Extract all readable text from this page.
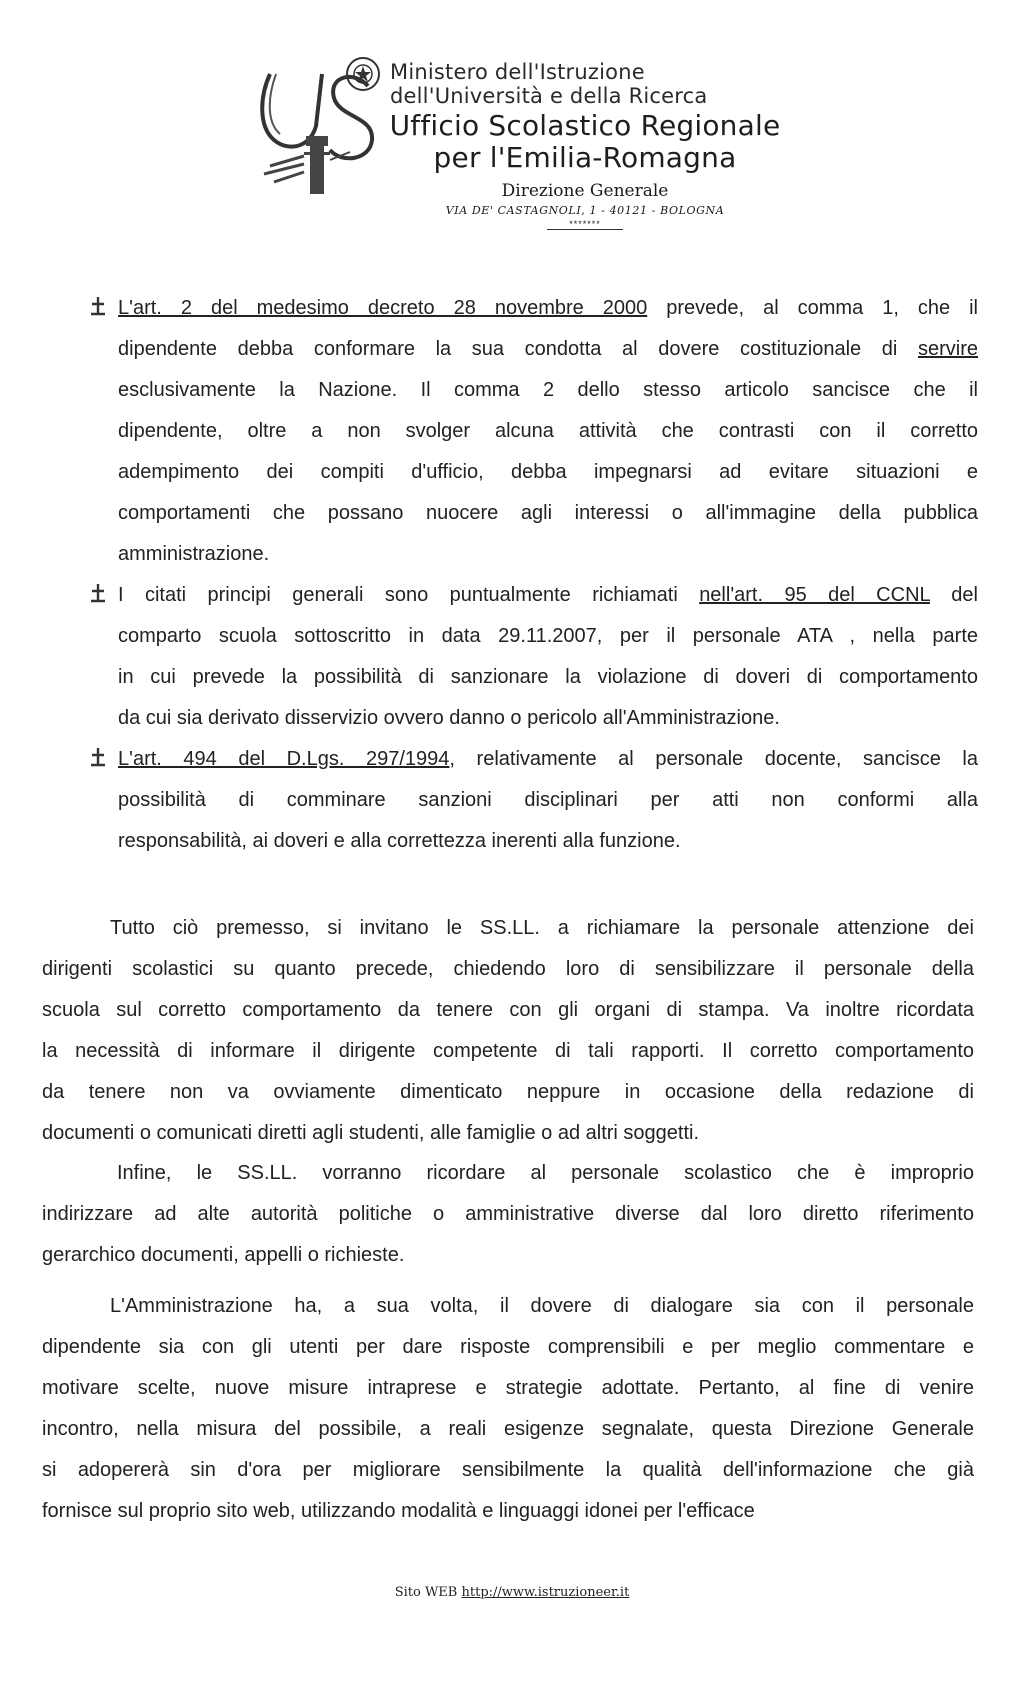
Ministero dell'Istruzione
dell'Università e della Ricerca
Ufficio Scolastico Regionale
per l'Emilia-Romagna
Direzione Generale
VIA DE' CASTAGNOLI, 1 - 40121 - BOLOGNA
*******

L'art. 2 del medesimo decreto 28 novembre 2000 prevede, al comma 1, che il

dipendente debba conformare la sua condotta al dovere costituzionale di servire

esclusivamente la Nazione. Il comma 2 dello stesso articolo sancisce che il

dipendente, oltre a non svolger alcuna attività che contrasti con il corretto

adempimento dei compiti d'ufficio, debba impegnarsi ad evitare situazioni e

comportamenti che possano nuocere agli interessi o all'immagine della pubblica

amministrazione.

I citati principi generali sono puntualmente richiamati nell'art. 95 del CCNL del

comparto scuola sottoscritto in data 29.11.2007, per il personale ATA , nella parte

in cui prevede la possibilità di sanzionare la violazione di doveri di comportamento

da cui sia derivato disservizio ovvero danno o pericolo all'Amministrazione.

L'art. 494 del D.Lgs. 297/1994, relativamente al personale docente, sancisce la

possibilità di comminare sanzioni disciplinari per atti non conformi alla

responsabilità, ai doveri e alla correttezza inerenti alla funzione.

Tutto ciò premesso, si invitano le SS.LL. a richiamare la personale attenzione dei

dirigenti scolastici su quanto precede, chiedendo loro di sensibilizzare il personale della

scuola sul corretto comportamento da tenere con gli organi di stampa. Va inoltre ricordata

la necessità di informare il dirigente competente di tali rapporti. Il corretto comportamento

da tenere non va ovviamente dimenticato neppure in occasione della redazione di

documenti o comunicati diretti agli studenti, alle famiglie o ad altri soggetti.

Infine, le SS.LL. vorranno ricordare al personale scolastico che è improprio

indirizzare ad alte autorità politiche o amministrative diverse dal loro diretto riferimento

gerarchico documenti, appelli o richieste.

L'Amministrazione ha, a sua volta, il dovere di dialogare sia con il personale

dipendente sia con gli utenti per dare risposte comprensibili e per meglio commentare e

motivare scelte, nuove misure intraprese e strategie adottate. Pertanto, al fine di venire

incontro, nella misura del possibile, a reali esigenze segnalate, questa Direzione Generale

si adopererà sin d'ora per migliorare sensibilmente la qualità dell'informazione che già

fornisce sul proprio sito web, utilizzando modalità e linguaggi idonei per l'efficace

Sito WEB http://www.istruzioneer.it
